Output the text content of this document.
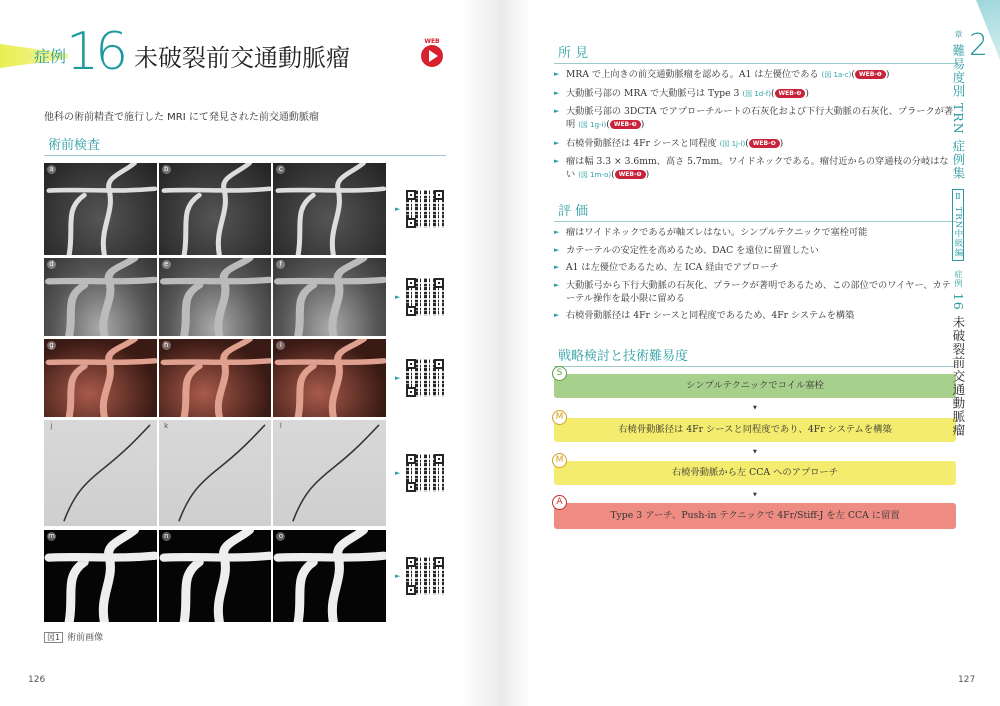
症例 16 未破裂前交通動脈瘤
WEB
他科の術前精査で施行した MRI にて発見された前交通動脈瘤
術前検査
a	b	c
►
d	e	f
►
g	h	i
►
j	k	l
►
m	n	o
►
図1 術前画像
126
所 見
► MRA で上向きの前交通動脈瘤を認める。A1 は左優位である (図 1a-c)( WEB-❶ )
► 大動脈弓部の MRA で大動脈弓は Type 3 (図 1d-f)( WEB-❷ )
► 大動脈弓部の 3DCTA でアプローチルートの石灰化および下行大動脈の石灰化、プラークが著明 (図 1g-i)( WEB-❸ )
► 右橈骨動脈径は 4Fr シースと同程度 (図 1j-l)( WEB-❹ )
► 瘤は幅 3.3 × 3.6mm、高さ 5.7mm。ワイドネックである。瘤付近からの穿通枝の分岐はない (図 1m-o)( WEB-❺ )
評 価
► 瘤はワイドネックであるが軸ズレはない。シンプルテクニックで塞栓可能
► カテーテルの安定性を高めるため、DAC を遠位に留置したい
► A1 は左優位であるため、左 ICA 経由でアプローチ
► 大動脈弓から下行大動脈の石灰化、プラークが著明であるため、この部位でのワイヤー、カテーテル操作を最小限に留める
► 右橈骨動脈径は 4Fr シースと同程度であるため、4Fr システムを構築
戦略検討と技術難易度
シンプルテクニックでコイル塞栓
S
▼
右橈骨動脈径は 4Fr シースと同程度であり、4Fr システムを構築
M
▼
右橈骨動脈から左 CCA へのアプローチ
M
▼
Type 3 アーチ、Push-in テクニックで 4Fr/Stiff-J を左 CCA に留置
A
2
章 難易度別 TRN 症例集 Ⅱ TRN中級編 症例 16 未破裂前交通動脈瘤
127
